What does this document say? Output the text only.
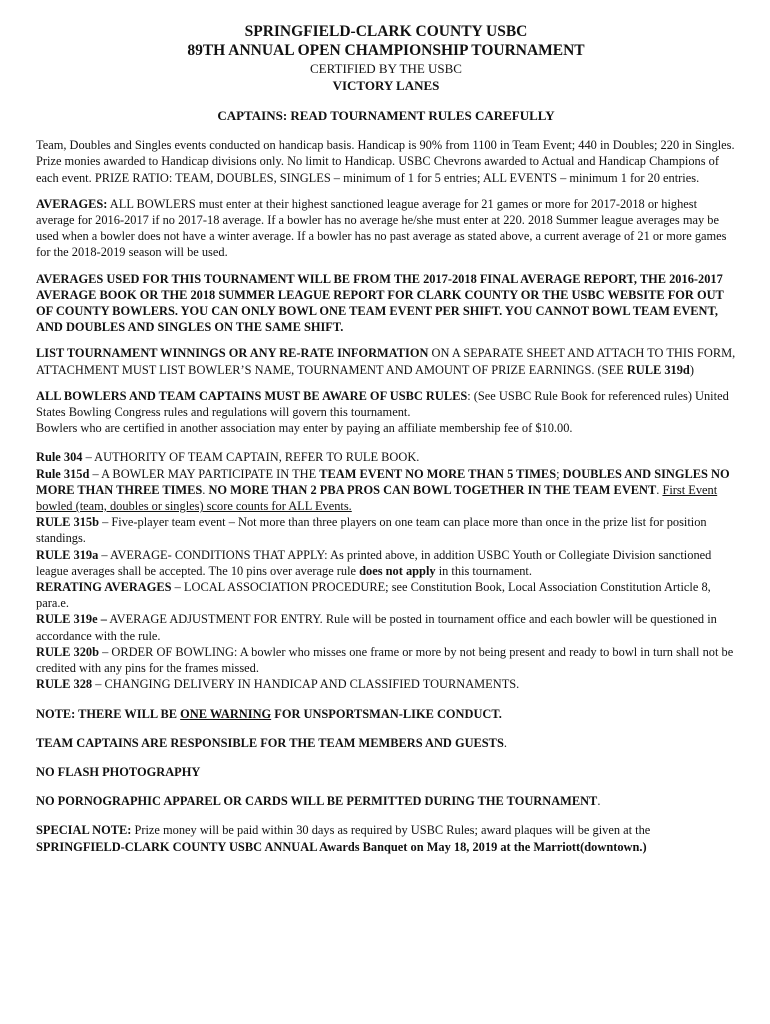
SPRINGFIELD-CLARK COUNTY USBC
89TH ANNUAL OPEN CHAMPIONSHIP TOURNAMENT
CERTIFIED BY THE USBC
VICTORY LANES
CAPTAINS: READ TOURNAMENT RULES CAREFULLY

Team, Doubles and Singles events conducted on handicap basis. Handicap is 90% from 1100 in Team Event; 440 in Doubles; 220 in Singles. Prize monies awarded to Handicap divisions only. No limit to Handicap. USBC Chevrons awarded to Actual and Handicap Champions of each event. PRIZE RATIO: TEAM, DOUBLES, SINGLES – minimum of 1 for 5 entries; ALL EVENTS – minimum 1 for 20 entries.

AVERAGES: ALL BOWLERS must enter at their highest sanctioned league average for 21 games or more for 2017-2018 or highest average for 2016-2017 if no 2017-18 average. If a bowler has no average he/she must enter at 220. 2018 Summer league averages may be used when a bowler does not have a winter average. If a bowler has no past average as stated above, a current average of 21 or more games for the 2018-2019 season will be used.

AVERAGES USED FOR THIS TOURNAMENT WILL BE FROM THE 2017-2018 FINAL AVERAGE REPORT, THE 2016-2017 AVERAGE BOOK OR THE 2018 SUMMER LEAGUE REPORT FOR CLARK COUNTY OR THE USBC WEBSITE FOR OUT OF COUNTY BOWLERS. YOU CAN ONLY BOWL ONE TEAM EVENT PER SHIFT. YOU CANNOT BOWL TEAM EVENT, AND DOUBLES AND SINGLES ON THE SAME SHIFT.

LIST TOURNAMENT WINNINGS OR ANY RE-RATE INFORMATION ON A SEPARATE SHEET AND ATTACH TO THIS FORM, ATTACHMENT MUST LIST BOWLER’S NAME, TOURNAMENT AND AMOUNT OF PRIZE EARNINGS. (SEE RULE 319d)

ALL BOWLERS AND TEAM CAPTAINS MUST BE AWARE OF USBC RULES: (See USBC Rule Book for referenced rules) United States Bowling Congress rules and regulations will govern this tournament.
Bowlers who are certified in another association may enter by paying an affiliate membership fee of $10.00.

Rule 304 – AUTHORITY OF TEAM CAPTAIN, REFER TO RULE BOOK.

Rule 315d – A BOWLER MAY PARTICIPATE IN THE TEAM EVENT NO MORE THAN 5 TIMES; DOUBLES AND SINGLES NO MORE THAN THREE TIMES. NO MORE THAN 2 PBA PROS CAN BOWL TOGETHER IN THE TEAM EVENT. First Event bowled (team, doubles or singles) score counts for ALL Events.

RULE 315b – Five-player team event – Not more than three players on one team can place more than once in the prize list for position standings.

RULE 319a – AVERAGE- CONDITIONS THAT APPLY: As printed above, in addition USBC Youth or Collegiate Division sanctioned league averages shall be accepted. The 10 pins over average rule does not apply in this tournament.

RERATING AVERAGES – LOCAL ASSOCIATION PROCEDURE; see Constitution Book, Local Association Constitution Article 8, para.e.

RULE 319e – AVERAGE ADJUSTMENT FOR ENTRY. Rule will be posted in tournament office and each bowler will be questioned in accordance with the rule.

RULE 320b – ORDER OF BOWLING: A bowler who misses one frame or more by not being present and ready to bowl in turn shall not be credited with any pins for the frames missed.

RULE 328 – CHANGING DELIVERY IN HANDICAP AND CLASSIFIED TOURNAMENTS.

NOTE: THERE WILL BE ONE WARNING FOR UNSPORTSMAN-LIKE CONDUCT.

TEAM CAPTAINS ARE RESPONSIBLE FOR THE TEAM MEMBERS AND GUESTS.

NO FLASH PHOTOGRAPHY

NO PORNOGRAPHIC APPAREL OR CARDS WILL BE PERMITTED DURING THE TOURNAMENT.

SPECIAL NOTE: Prize money will be paid within 30 days as required by USBC Rules; award plaques will be given at the SPRINGFIELD-CLARK COUNTY USBC ANNUAL Awards Banquet on May 18, 2019 at the Marriott(downtown.)
